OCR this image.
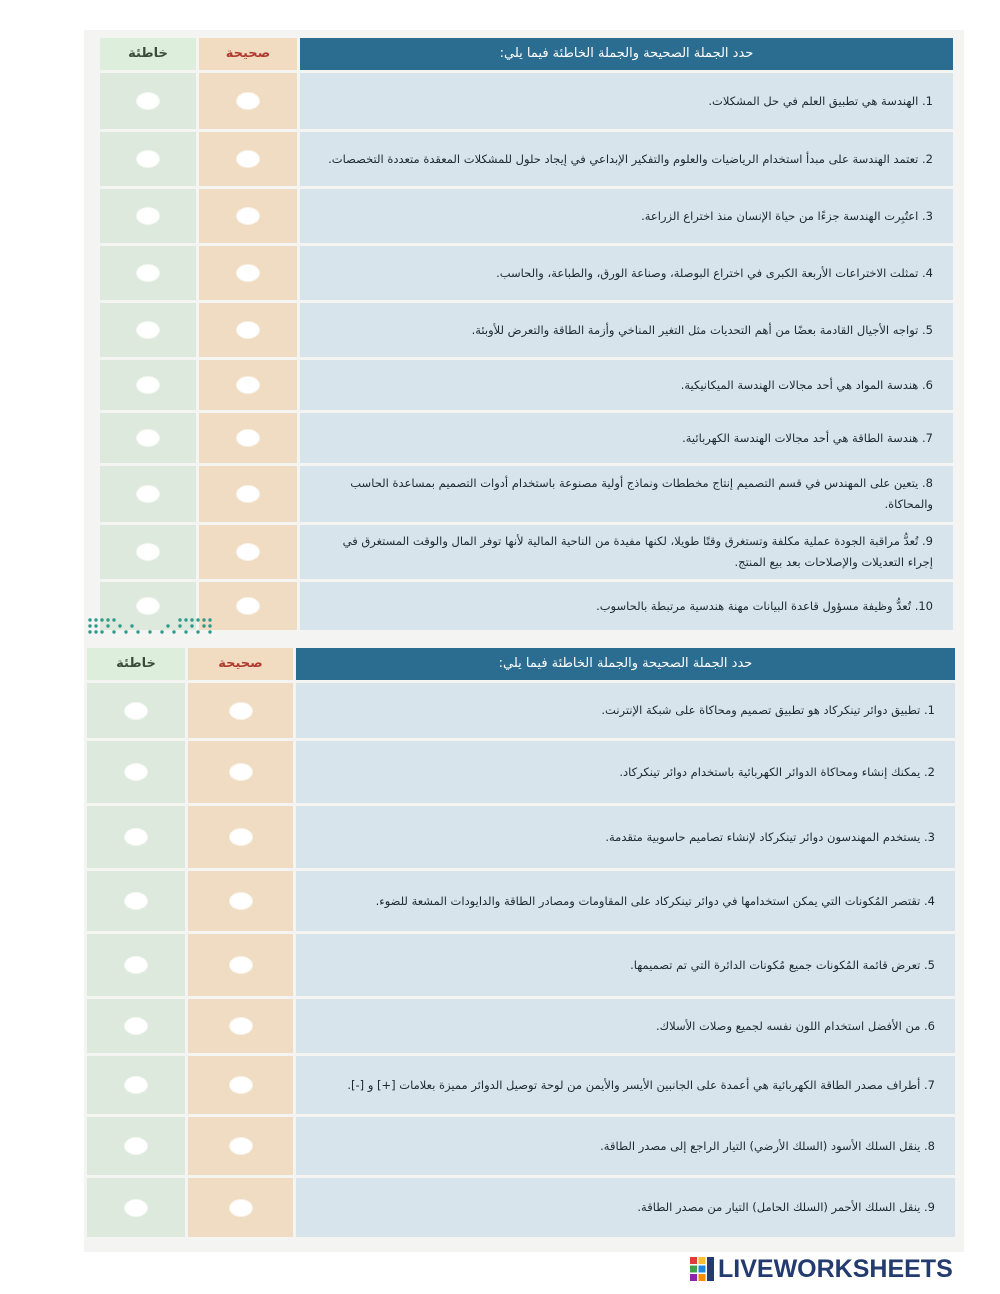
خاطئة	صحيحة	حدد الجملة الصحيحة والجملة الخاطئة فيما يلي:
1. الهندسة هي تطبيق العلم في حل المشكلات.
2. تعتمد الهندسة على مبدأ استخدام الرياضيات والعلوم والتفكير الإبداعي في إيجاد حلول للمشكلات المعقدة متعددة التخصصات.
3. اعتُبِرت الهندسة جزءًا من حياة الإنسان منذ اختراع الزراعة.
4. تمثلت الاختراعات الأربعة الكبرى في اختراع البوصلة، وصناعة الورق، والطباعة، والحاسب.
5. تواجه الأجيال القادمة بعضًا من أهم التحديات مثل التغير المناخي وأزمة الطاقة والتعرض للأوبئة.
6. هندسة المواد هي أحد مجالات الهندسة الميكانيكية.
7. هندسة الطاقة هي أحد مجالات الهندسة الكهربائية.
8. يتعين على المهندس في قسم التصميم إنتاج مخططات ونماذج أولية مصنوعة باستخدام أدوات التصميم بمساعدة الحاسب والمحاكاة.
9. تُعدُّ مراقبة الجودة عملية مكلفة وتستغرق وقتًا طويلا، لكنها مفيدة من الناحية المالية لأنها توفر المال والوقت المستغرق في إجراء التعديلات والإصلاحات بعد بيع المنتج.
10. تُعدُّ وظيفة مسؤول قاعدة البيانات مهنة هندسية مرتبطة بالحاسوب.
خاطئة	صحيحة	حدد الجملة الصحيحة والجملة الخاطئة فيما يلي:
1. تطبيق دوائر تينكركاد هو تطبيق تصميم ومحاكاة على شبكة الإنترنت.
2. يمكنك إنشاء ومحاكاة الدوائر الكهربائية باستخدام دوائر تينكركاد.
3. يستخدم المهندسون دوائر تينكركاد لإنشاء تصاميم حاسوبية متقدمة.
4. تقتصر المُكونات التي يمكن استخدامها في دوائر تينكركاد على المقاومات ومصادر الطاقة والدايودات المشعة للضوء.
5. تعرض قائمة المُكونات جميع مُكونات الدائرة التي تم تصميمها.
6. من الأفضل استخدام اللون نفسه لجميع وصلات الأسلاك.
7. أطراف مصدر الطاقة الكهربائية هي أعمدة على الجانبين الأيسر والأيمن من لوحة توصيل الدوائر مميزة بعلامات [+] و [-].
8. ينقل السلك الأسود (السلك الأرضي) التيار الراجع إلى مصدر الطاقة.
9. ينقل السلك الأحمر (السلك الحامل) التيار من مصدر الطاقة.
LIVEWORKSHEETS
